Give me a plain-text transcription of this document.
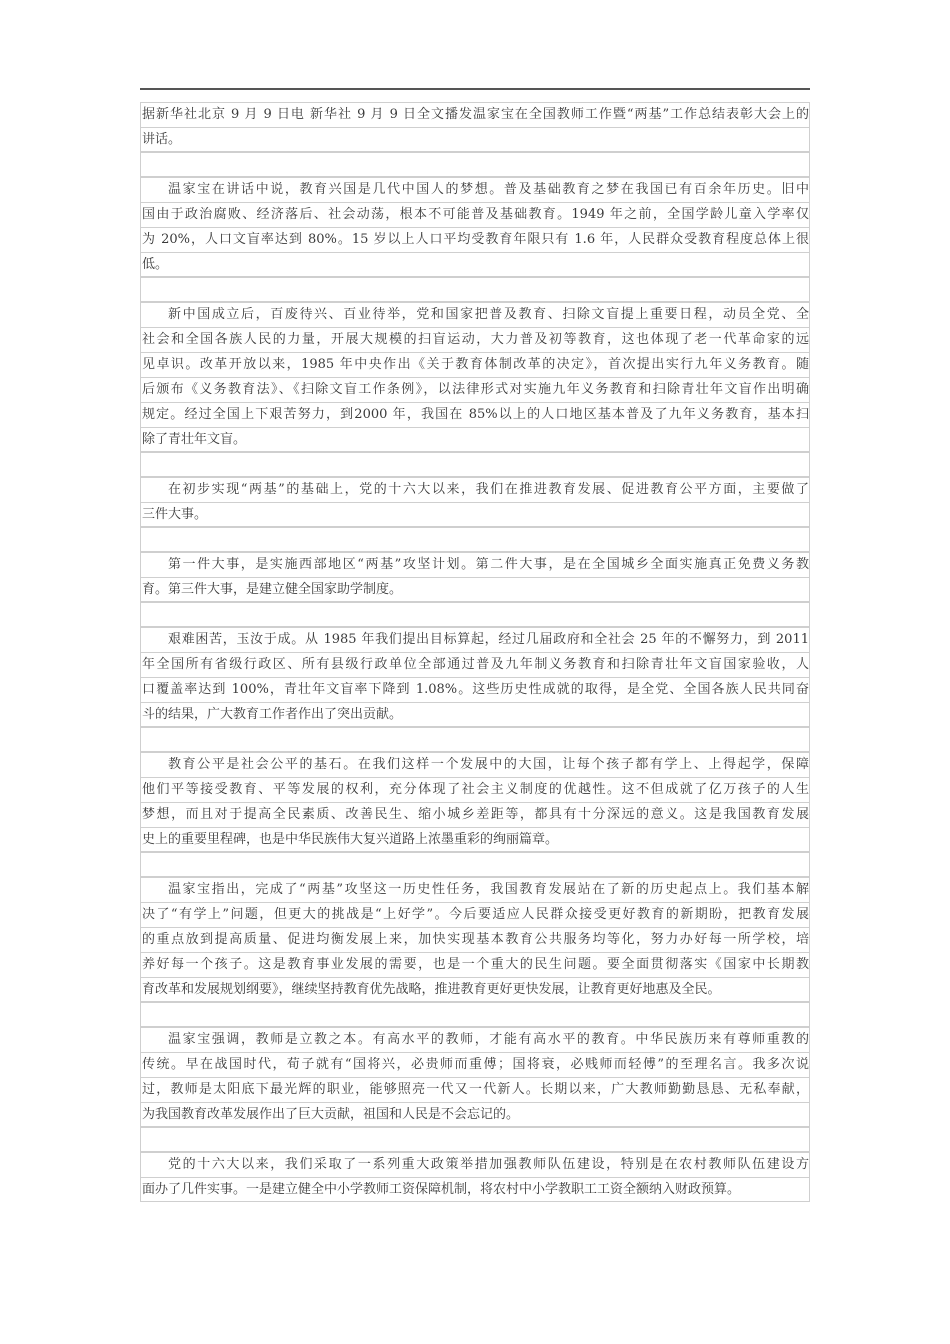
据新华社北京 9 月 9 日电 新华社 9 月 9 日全文播发温家宝在全国教师工作暨“两基”工作总结表彰大会上的
讲话。
温家宝在讲话中说，教育兴国是几代中国人的梦想。普及基础教育之梦在我国已有百余年历史。旧中
国由于政治腐败、经济落后、社会动荡，根本不可能普及基础教育。1949 年之前，全国学龄儿童入学率仅
为 20%，人口文盲率达到 80%。15 岁以上人口平均受教育年限只有 1.6 年，人民群众受教育程度总体上很
低。
新中国成立后，百废待兴、百业待举，党和国家把普及教育、扫除文盲提上重要日程，动员全党、全
社会和全国各族人民的力量，开展大规模的扫盲运动，大力普及初等教育，这也体现了老一代革命家的远
见卓识。改革开放以来，1985 年中央作出《关于教育体制改革的决定》，首次提出实行九年义务教育。随
后颁布《义务教育法》、《扫除文盲工作条例》，以法律形式对实施九年义务教育和扫除青壮年文盲作出明确
规定。经过全国上下艰苦努力，到2000 年，我国在 85%以上的人口地区基本普及了九年义务教育，基本扫
除了青壮年文盲。
在初步实现“两基”的基础上，党的十六大以来，我们在推进教育发展、促进教育公平方面，主要做了
三件大事。
第一件大事，是实施西部地区“两基”攻坚计划。第二件大事，是在全国城乡全面实施真正免费义务教
育。第三件大事，是建立健全国家助学制度。
艰难困苦，玉汝于成。从 1985 年我们提出目标算起，经过几届政府和全社会 25 年的不懈努力，到 2011
年全国所有省级行政区、所有县级行政单位全部通过普及九年制义务教育和扫除青壮年文盲国家验收，人
口覆盖率达到 100%，青壮年文盲率下降到 1.08%。这些历史性成就的取得，是全党、全国各族人民共同奋
斗的结果，广大教育工作者作出了突出贡献。
教育公平是社会公平的基石。在我们这样一个发展中的大国，让每个孩子都有学上、上得起学，保障
他们平等接受教育、平等发展的权利，充分体现了社会主义制度的优越性。这不但成就了亿万孩子的人生
梦想，而且对于提高全民素质、改善民生、缩小城乡差距等，都具有十分深远的意义。这是我国教育发展
史上的重要里程碑，也是中华民族伟大复兴道路上浓墨重彩的绚丽篇章。
温家宝指出，完成了“两基”攻坚这一历史性任务，我国教育发展站在了新的历史起点上。我们基本解
决了“有学上”问题，但更大的挑战是“上好学”。今后要适应人民群众接受更好教育的新期盼，把教育发展
的重点放到提高质量、促进均衡发展上来，加快实现基本教育公共服务均等化，努力办好每一所学校，培
养好每一个孩子。这是教育事业发展的需要，也是一个重大的民生问题。要全面贯彻落实《国家中长期教
育改革和发展规划纲要》，继续坚持教育优先战略，推进教育更好更快发展，让教育更好地惠及全民。
温家宝强调，教师是立教之本。有高水平的教师，才能有高水平的教育。中华民族历来有尊师重教的
传统。早在战国时代，荀子就有“国将兴，必贵师而重傅；国将衰，必贱师而轻傅”的至理名言。我多次说
过，教师是太阳底下最光辉的职业，能够照亮一代又一代新人。长期以来，广大教师勤勤恳恳、无私奉献，
为我国教育改革发展作出了巨大贡献，祖国和人民是不会忘记的。
党的十六大以来，我们采取了一系列重大政策举措加强教师队伍建设，特别是在农村教师队伍建设方
面办了几件实事。一是建立健全中小学教师工资保障机制，将农村中小学教职工工资全额纳入财政预算。
